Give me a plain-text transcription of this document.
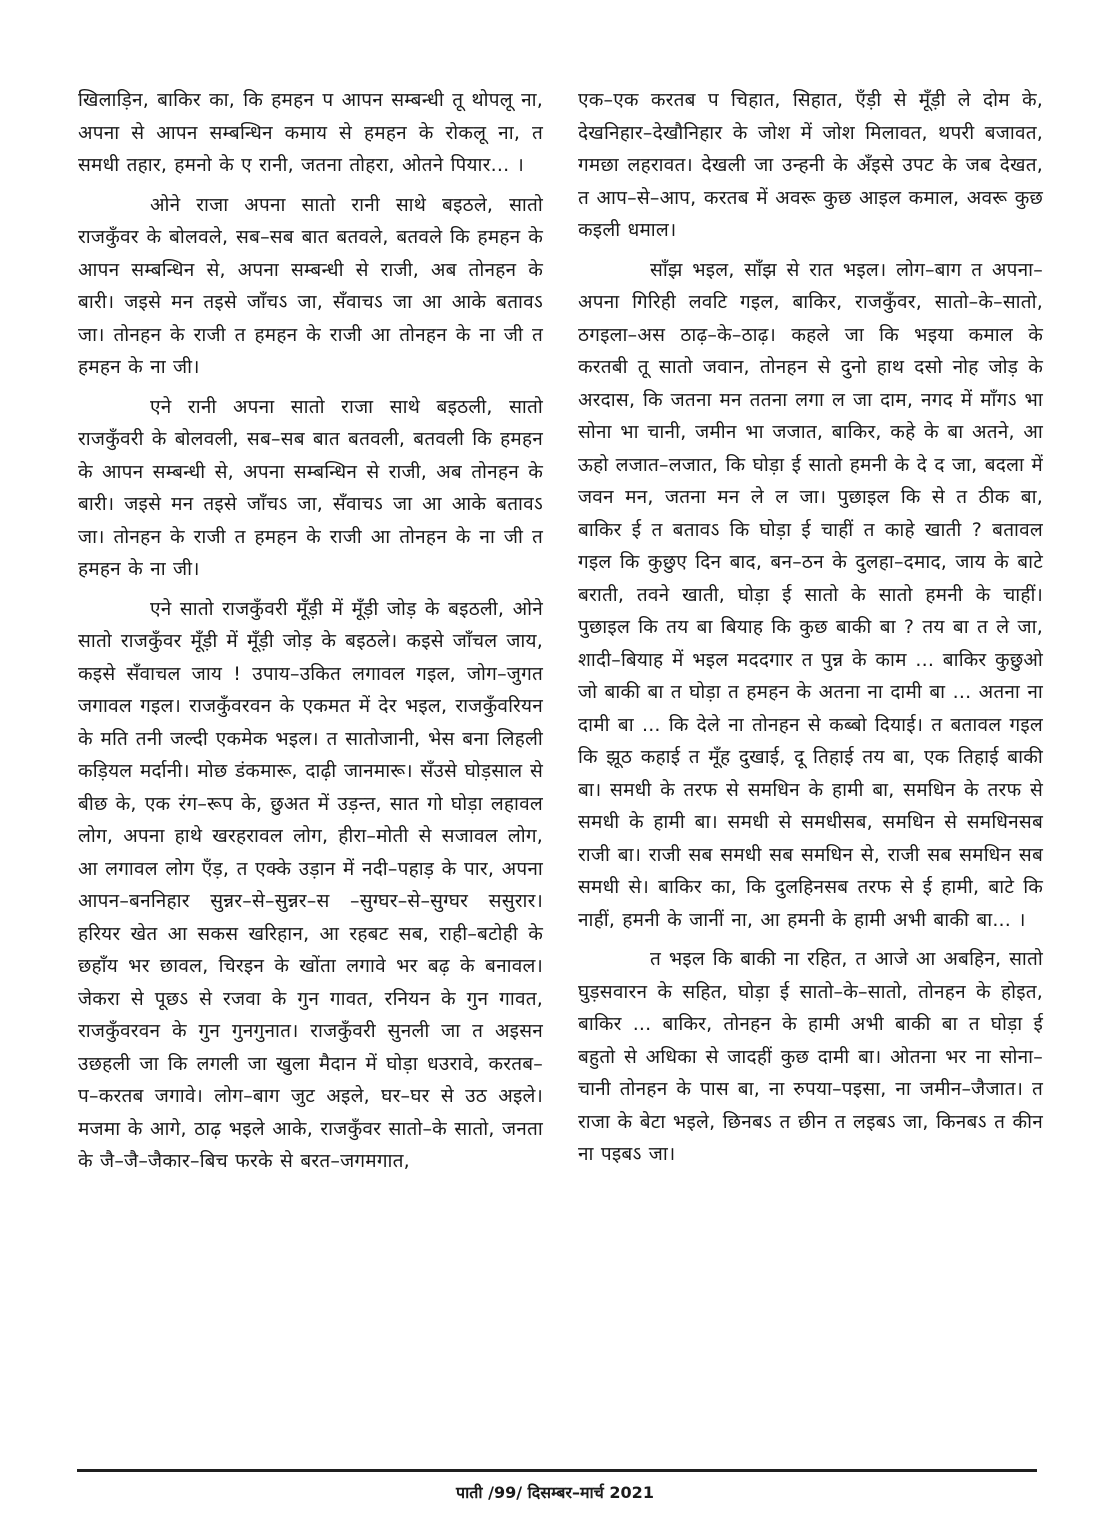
खिलाड़िन, बाकिर का, कि हमहन प आपन सम्बन्धी तू थोपलू ना, अपना से आपन सम्बन्धिन कमाय से हमहन के रोकलू ना, त समधी तहार, हमनो के ए रानी, जतना तोहरा, ओतने पियार... ।

ओने राजा अपना सातो रानी साथे बइठले, सातो राजकुँवर के बोलवले, सब–सब बात बतवले, बतवले कि हमहन के आपन सम्बन्धिन से, अपना सम्बन्धी से राजी, अब तोनहन के बारी। जइसे मन तइसे जाँचऽ जा, सँवाचऽ जा आ आके बतावऽ जा। तोनहन के राजी त हमहन के राजी आ तोनहन के ना जी त हमहन के ना जी।

एने रानी अपना सातो राजा साथे बइठली, सातो राजकुँवरी के बोलवली, सब–सब बात बतवली, बतवली कि हमहन के आपन सम्बन्धी से, अपना सम्बन्धिन से राजी, अब तोनहन के बारी। जइसे मन तइसे जाँचऽ जा, सँवाचऽ जा आ आके बतावऽ जा। तोनहन के राजी त हमहन के राजी आ तोनहन के ना जी त हमहन के ना जी।

एने सातो राजकुँवरी मूँड़ी में मूँड़ी जोड़ के बइठली, ओने सातो राजकुँवर मूँड़ी में मूँड़ी जोड़ के बइठले। कइसे जाँचल जाय, कइसे सँवाचल जाय ! उपाय–उकित लगावल गइल, जोग–जुगत जगावल गइल। राजकुँवरवन के एकमत में देर भइल, राजकुँवरियन के मति तनी जल्दी एकमेक भइल। त सातोजानी, भेस बना लिहली कड़ियल मर्दानी। मोछ डंकमारू, दाढ़ी जानमारू। सँउसे घोड़साल से बीछ के, एक रंग–रूप के, छुअत में उड़न्त, सात गो घोड़ा लहावल लोग, अपना हाथे खरहरावल लोग, हीरा–मोती से सजावल लोग, आ लगावल लोग एँड़, त एक्के उड़ान में नदी–पहाड़ के पार, अपना आपन–बननिहार सुन्नर–से–सुन्नर–स –सुग्घर–से–सुग्घर ससुरार। हरियर खेत आ सकस खरिहान, आ रहबट सब, राही–बटोही के छहाँय भर छावल, चिरइन के खोंता लगावे भर बढ़ के बनावल। जेकरा से पूछऽ से रजवा के गुन गावत, रनियन के गुन गावत, राजकुँवरवन के गुन गुनगुनात। राजकुँवरी सुनली जा त अइसन उछहली जा कि लगली जा खुला मैदान में घोड़ा धउरावे, करतब–प–करतब जगावे। लोग–बाग जुट अइले, घर–घर से उठ अइले। मजमा के आगे, ठाढ़ भइले आके, राजकुँवर सातो–के सातो, जनता के जै–जै–जैकार–बिच फरके से बरत–जगमगात,

एक–एक करतब प चिहात, सिहात, एँड़ी से मूँड़ी ले दोम के, देखनिहार–देखौनिहार के जोश में जोश मिलावत, थपरी बजावत, गमछा लहरावत। देखली जा उन्हनी के अँइसे उपट के जब देखत, त आप–से–आप, करतब में अवरू कुछ आइल कमाल, अवरू कुछ कइली धमाल।

साँझ भइल, साँझ से रात भइल। लोग–बाग त अपना–अपना गिरिही लवटि गइल, बाकिर, राजकुँवर, सातो–के–सातो, ठगइला–अस ठाढ़–के–ठाढ़। कहले जा कि भइया कमाल के करतबी तू सातो जवान, तोनहन से दुनो हाथ दसो नोह जोड़ के अरदास, कि जतना मन ततना लगा ल जा दाम, नगद में माँगऽ भा सोना भा चानी, जमीन भा जजात, बाकिर, कहे के बा अतने, आ ऊहो लजात–लजात, कि घोड़ा ई सातो हमनी के दे द जा, बदला में जवन मन, जतना मन ले ल जा। पुछाइल कि से त ठीक बा, बाकिर ई त बतावऽ कि घोड़ा ई चाहीं त काहे खाती ? बतावल गइल कि कुछुए दिन बाद, बन–ठन के दुलहा–दमाद, जाय के बाटे बराती, तवने खाती, घोड़ा ई सातो के सातो हमनी के चाहीं। पुछाइल कि तय बा बियाह कि कुछ बाकी बा ? तय बा त ले जा, शादी–बियाह में भइल मददगार त पुन्न के काम ... बाकिर कुछुओ जो बाकी बा त घोड़ा त हमहन के अतना ना दामी बा ... अतना ना दामी बा ... कि देले ना तोनहन से कब्बो दियाई। त बतावल गइल कि झूठ कहाई त मूँह दुखाई, दू तिहाई तय बा, एक तिहाई बाकी बा। समधी के तरफ से समधिन के हामी बा, समधिन के तरफ से समधी के हामी बा। समधी से समधीसब, समधिन से समधिनसब राजी बा। राजी सब समधी सब समधिन से, राजी सब समधिन सब समधी से। बाकिर का, कि दुलहिनसब तरफ से ई हामी, बाटे कि नाहीं, हमनी के जानीं ना, आ हमनी के हामी अभी बाकी बा... ।

त भइल कि बाकी ना रहित, त आजे आ अबहिन, सातो घुड़सवारन के सहित, घोड़ा ई सातो–के–सातो, तोनहन के होइत, बाकिर ... बाकिर, तोनहन के हामी अभी बाकी बा त घोड़ा ई बहुतो से अधिका से जादहीं कुछ दामी बा। ओतना भर ना सोना–चानी तोनहन के पास बा, ना रुपया–पइसा, ना जमीन–जैजात। त राजा के बेटा भइले, छिनबऽ त छीन त लइबऽ जा, किनबऽ त कीन ना पइबऽ जा।

पाती /99/ दिसम्बर–मार्च 2021
